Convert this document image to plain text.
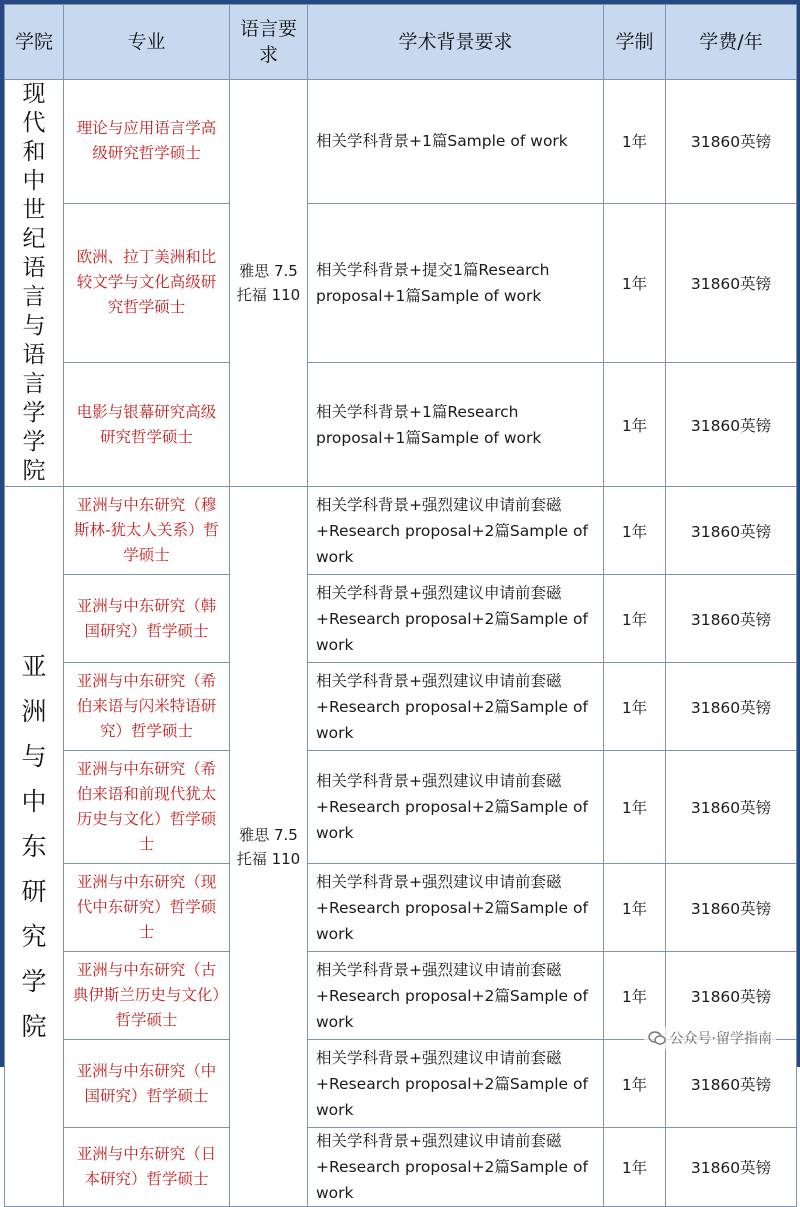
学院	专业	语言要求	学术背景要求	学制	学费/年
现代和中世纪语言与语言学学院	理论与应用语言学高级研究哲学硕士	雅思 7.5 托福 110	相关学科背景+1篇Sample of work	1年	31860英镑
	欧洲、拉丁美洲和比较文学与文化高级研究哲学硕士		相关学科背景+提交1篇Research proposal+1篇Sample of work	1年	31860英镑
	电影与银幕研究高级研究哲学硕士		相关学科背景+1篇Research proposal+1篇Sample of work	1年	31860英镑
亚洲与中东研究学院	亚洲与中东研究（穆斯林-犹太人关系）哲学硕士	雅思 7.5 托福 110	相关学科背景+强烈建议申请前套磁+Research proposal+2篇Sample of work	1年	31860英镑
	亚洲与中东研究（韩国研究）哲学硕士		相关学科背景+强烈建议申请前套磁+Research proposal+2篇Sample of work	1年	31860英镑
	亚洲与中东研究（希伯来语与闪米特语研究）哲学硕士		相关学科背景+强烈建议申请前套磁+Research proposal+2篇Sample of work	1年	31860英镑
	亚洲与中东研究（希伯来语和前现代犹太历史与文化）哲学硕士		相关学科背景+强烈建议申请前套磁+Research proposal+2篇Sample of work	1年	31860英镑
	亚洲与中东研究（现代中东研究）哲学硕士		相关学科背景+强烈建议申请前套磁+Research proposal+2篇Sample of work	1年	31860英镑
	亚洲与中东研究（古典伊斯兰历史与文化）哲学硕士		相关学科背景+强烈建议申请前套磁+Research proposal+2篇Sample of work	1年	31860英镑
	亚洲与中东研究（中国研究）哲学硕士		相关学科背景+强烈建议申请前套磁+Research proposal+2篇Sample of work	1年	31860英镑
	亚洲与中东研究（日本研究）哲学硕士		相关学科背景+强烈建议申请前套磁+Research proposal+2篇Sample of work	1年	31860英镑
公众号·留学指南
